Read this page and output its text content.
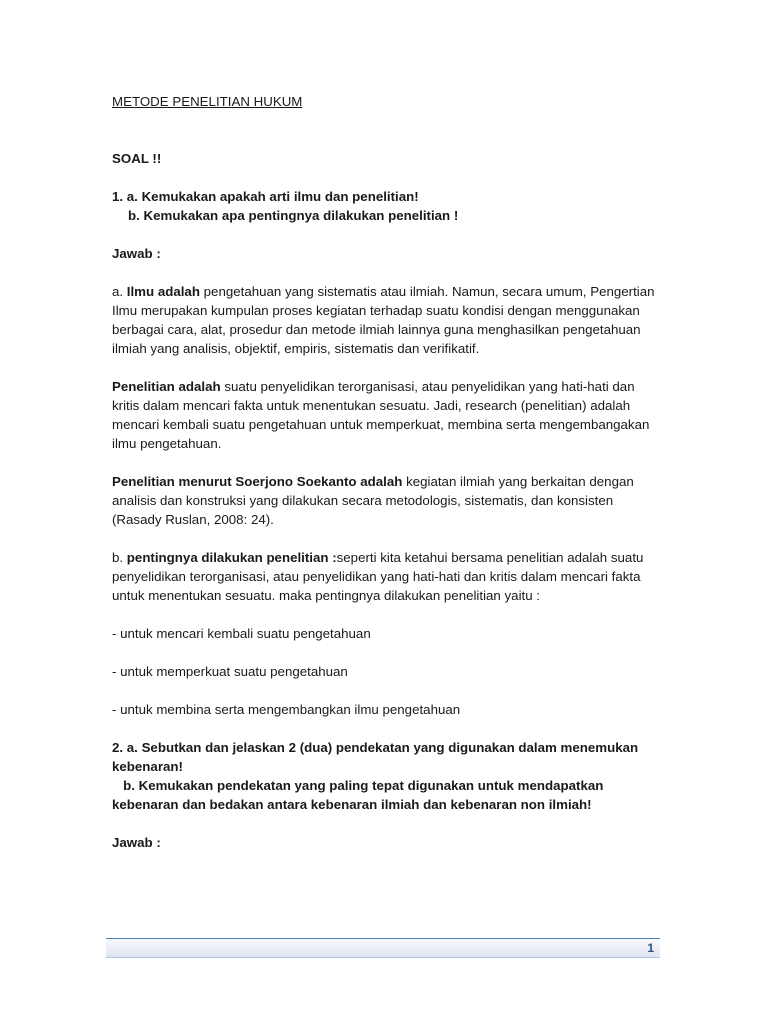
METODE PENELITIAN HUKUM
SOAL !!
1. a. Kemukakan apakah arti ilmu dan penelitian!
b. Kemukakan apa pentingnya dilakukan penelitian !
Jawab :
a. Ilmu adalah pengetahuan yang sistematis atau ilmiah. Namun, secara umum, Pengertian Ilmu merupakan kumpulan proses kegiatan terhadap suatu kondisi dengan menggunakan berbagai cara, alat, prosedur dan metode ilmiah lainnya guna menghasilkan pengetahuan ilmiah yang analisis, objektif, empiris, sistematis dan verifikatif.
Penelitian adalah suatu penyelidikan terorganisasi, atau penyelidikan yang hati-hati dan kritis dalam mencari fakta untuk menentukan sesuatu. Jadi, research (penelitian) adalah mencari kembali suatu pengetahuan untuk memperkuat, membina serta mengembangakan ilmu pengetahuan.
Penelitian menurut Soerjono Soekanto adalah kegiatan ilmiah yang berkaitan dengan analisis dan konstruksi yang dilakukan secara metodologis, sistematis, dan konsisten (Rasady Ruslan, 2008: 24).
b. pentingnya dilakukan penelitian :seperti kita ketahui bersama penelitian adalah suatu penyelidikan terorganisasi, atau penyelidikan yang hati-hati dan kritis dalam mencari fakta untuk menentukan sesuatu. maka pentingnya dilakukan penelitian yaitu :
- untuk mencari kembali suatu pengetahuan
- untuk memperkuat suatu pengetahuan
- untuk membina serta mengembangkan ilmu pengetahuan
2. a. Sebutkan dan jelaskan 2 (dua) pendekatan yang digunakan dalam menemukan kebenaran!
b. Kemukakan pendekatan yang paling tepat digunakan untuk mendapatkan kebenaran dan bedakan antara kebenaran ilmiah dan kebenaran non ilmiah!
Jawab :
1
